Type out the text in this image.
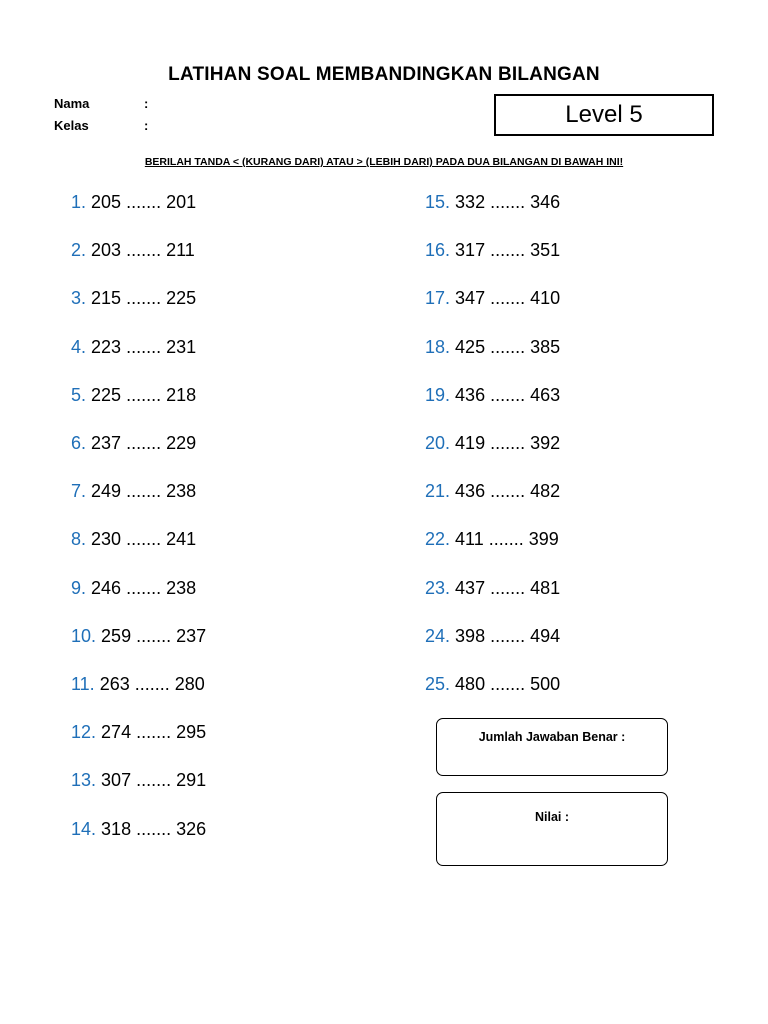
LATIHAN SOAL MEMBANDINGKAN BILANGAN
Nama	:
Kelas	:	Level 5
BERILAH TANDA < (KURANG DARI) ATAU > (LEBIH DARI) PADA DUA BILANGAN DI BAWAH INI!
1. 205 ....... 201
2. 203 ....... 211
3. 215 ....... 225
4. 223 ....... 231
5. 225 ....... 218
6. 237 ....... 229
7. 249 ....... 238
8. 230 ....... 241
9. 246 ....... 238
10. 259 ....... 237
11. 263 ....... 280
12. 274 ....... 295
13. 307 ....... 291
14. 318 ....... 326
15. 332 ....... 346
16. 317 ....... 351
17. 347 ....... 410
18. 425 ....... 385
19. 436 ....... 463
20. 419 ....... 392
21. 436 ....... 482
22. 411 ....... 399
23. 437 ....... 481
24. 398 ....... 494
25. 480 ....... 500
Jumlah Jawaban Benar :
Nilai :
